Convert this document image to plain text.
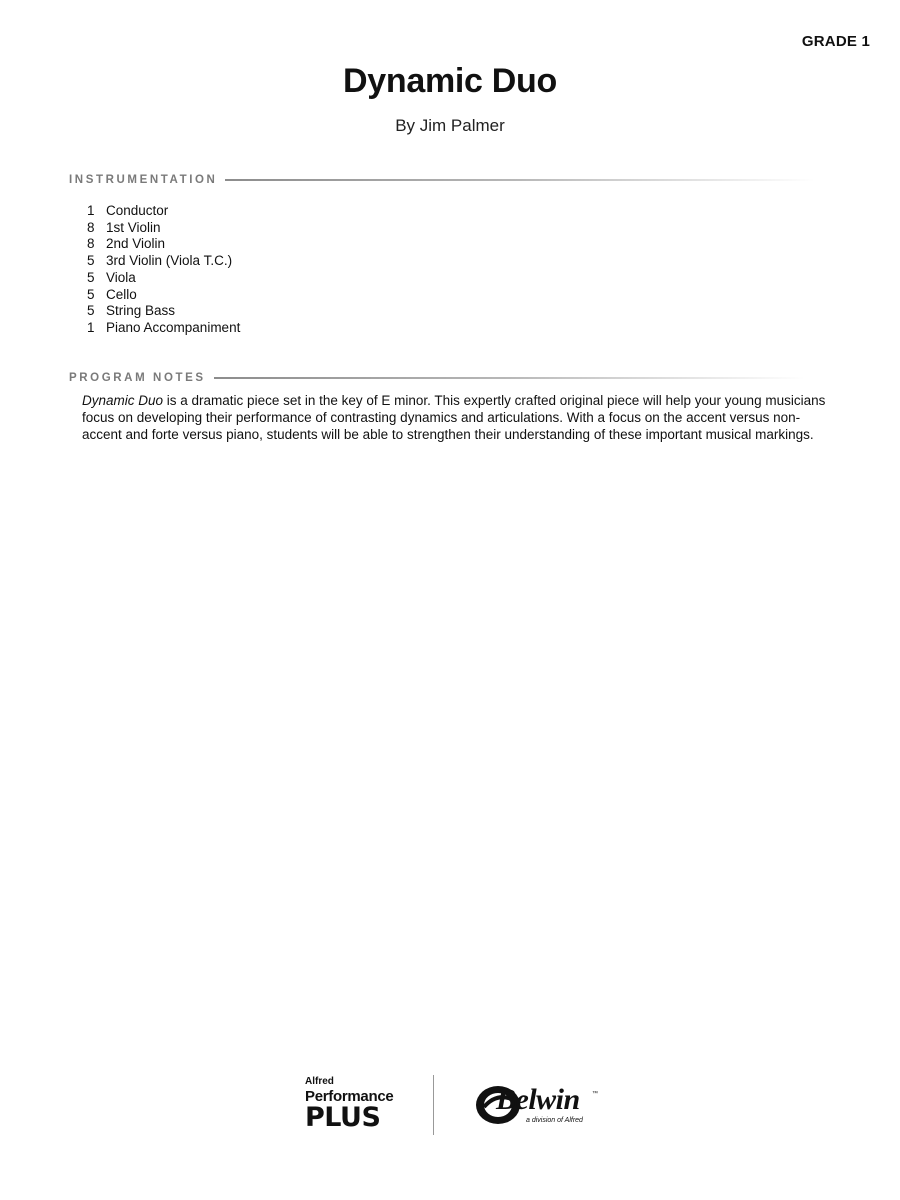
GRADE 1
Dynamic Duo
By Jim Palmer
INSTRUMENTATION
1 Conductor
8 1st Violin
8 2nd Violin
5 3rd Violin (Viola T.C.)
5 Viola
5 Cello
5 String Bass
1 Piano Accompaniment
PROGRAM NOTES

Dynamic Duo is a dramatic piece set in the key of E minor. This expertly crafted original piece will help your young musicians focus on developing their performance of contrasting dynamics and articulations. With a focus on the accent versus non-accent and forte versus piano, students will be able to strengthen their understanding of these important musical markings.

Alfred
Performance
PLUS
Belwin ™
a division of Alfred
